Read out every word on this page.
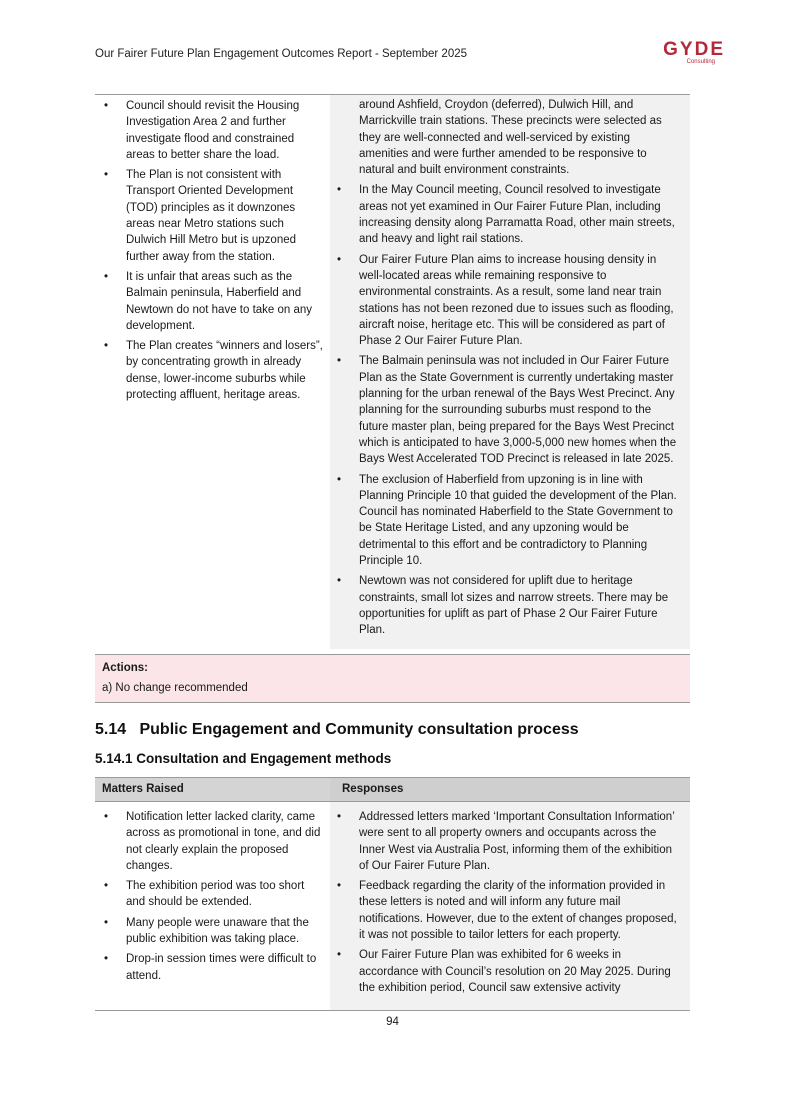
Our Fairer Future Plan Engagement Outcomes Report - September 2025	GYDE
Consulting
• Council should revisit the Housing Investigation Area 2 and further investigate flood and constrained areas to better share the load.
• The Plan is not consistent with Transport Oriented Development (TOD) principles as it downzones areas near Metro stations such Dulwich Hill Metro but is upzoned further away from the station.
• It is unfair that areas such as the Balmain peninsula, Haberfield and Newtown do not have to take on any development.
• The Plan creates “winners and losers”, by concentrating growth in already dense, lower-income suburbs while protecting affluent, heritage areas.
around Ashfield, Croydon (deferred), Dulwich Hill, and Marrickville train stations. These precincts were selected as they are well-connected and well-serviced by existing amenities and were further amended to be responsive to natural and built environment constraints.
• In the May Council meeting, Council resolved to investigate areas not yet examined in Our Fairer Future Plan, including increasing density along Parramatta Road, other main streets, and heavy and light rail stations.
• Our Fairer Future Plan aims to increase housing density in well-located areas while remaining responsive to environmental constraints. As a result, some land near train stations has not been rezoned due to issues such as flooding, aircraft noise, heritage etc. This will be considered as part of Phase 2 Our Fairer Future Plan.
• The Balmain peninsula was not included in Our Fairer Future Plan as the State Government is currently undertaking master planning for the urban renewal of the Bays West Precinct. Any planning for the surrounding suburbs must respond to the future master plan, being prepared for the Bays West Precinct which is anticipated to have 3,000-5,000 new homes when the Bays West Accelerated TOD Precinct is released in late 2025.
• The exclusion of Haberfield from upzoning is in line with Planning Principle 10 that guided the development of the Plan. Council has nominated Haberfield to the State Government to be State Heritage Listed, and any upzoning would be detrimental to this effort and be contradictory to Planning Principle 10.
• Newtown was not considered for uplift due to heritage constraints, small lot sizes and narrow streets. There may be opportunities for uplift as part of Phase 2 Our Fairer Future Plan.
Actions:
a) No change recommended
5.14   Public Engagement and Community consultation process
5.14.1 Consultation and Engagement methods
Matters Raised	Responses
• Notification letter lacked clarity, came across as promotional in tone, and did not clearly explain the proposed changes.
• The exhibition period was too short and should be extended.
• Many people were unaware that the public exhibition was taking place.
• Drop-in session times were difficult to attend.
• Addressed letters marked ‘Important Consultation Information’ were sent to all property owners and occupants across the Inner West via Australia Post, informing them of the exhibition of Our Fairer Future Plan.
• Feedback regarding the clarity of the information provided in these letters is noted and will inform any future mail notifications. However, due to the extent of changes proposed, it was not possible to tailor letters for each property.
• Our Fairer Future Plan was exhibited for 6 weeks in accordance with Council’s resolution on 20 May 2025. During the exhibition period, Council saw extensive activity
94
